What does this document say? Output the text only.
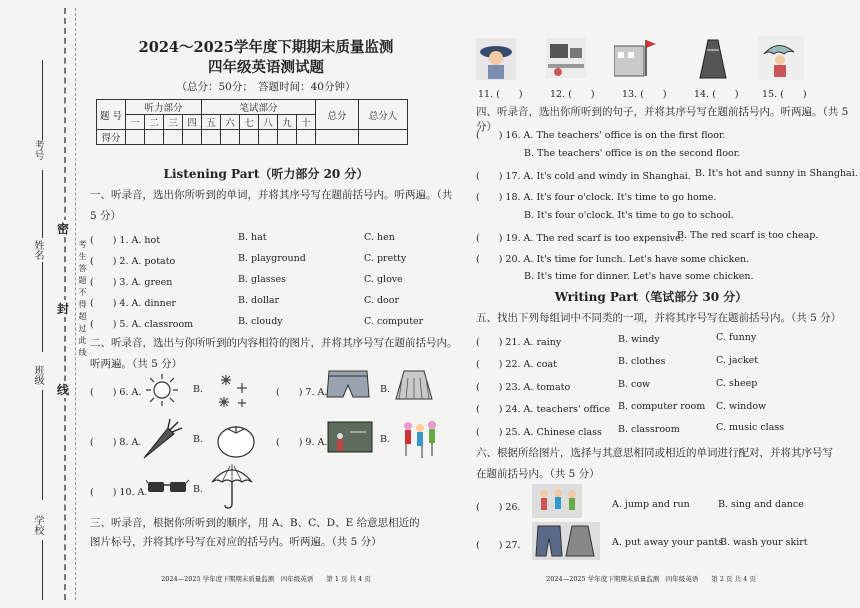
考号
姓名
班级
学校
密
封
线
考生答题不得超过此线
2024～2025学年度下期期末质量监测
四年级英语测试题
（总分：50分；　答题时间：40分钟）
题 号	听力部分				笔试部分						总分	总分人
	一	二	三	四	五	六	七	八	九	十		
得分												
Listening Part（听力部分 20 分）
一、听录音，选出你所听到的单词，并将其序号写在题前括号内。听两遍。（共
5 分）
(　　) 1. A. hot	B. hat	C. hen
(　　) 2. A. potato	B. playground	C. pretty
(　　) 3. A. green	B. glasses	C. glove
(　　) 4. A. dinner	B. dollar	C. door
(　　) 5. A. classroom	B. cloudy	C. computer
二、听录音，选出与你所听到的内容相符的图片，并将其序号写在题前括号内。
听两遍。（共 5 分）
(　　) 6. A.	B.	(　　) 7. A.	B.
(　　) 8. A.	B.	(　　) 9. A.	B.
(　　) 10. A.	B.
三、听录音，根据你所听到的顺序，用 A、B、C、D、E 给意思相近的
图片标号，并将其序号写在对应的括号内。听两遍。（共 5 分）
2024—2025 学年度下期期末质量监测　四年级英语　　第 1 页 共 4 页
11. (　　)	12. (　　)	13. (　　)	14. (　　) 15. (　　)
四、听录音，选出你所听到的句子，并将其序号写在题前括号内。听两遍。（共 5 分）
(　　) 16. A. The teachers' office is on the first floor.
B. The teachers' office is on the second floor.
(　　) 17. A. It's cold and windy in Shanghai. B. It's hot and sunny in Shanghai.
(　　) 18. A. It's four o'clock. It's time to go home.
B. It's four o'clock. It's time to go to school.
(　　) 19. A. The red scarf is too expensive.
B. The red scarf is too cheap.
(　　) 20. A. It's time for lunch. Let's have some chicken.
B. It's time for dinner. Let's have some chicken.
Writing Part（笔试部分 30 分）
五、找出下列每组词中不同类的一项，并将其序号写在题前括号内。（共 5 分）
(　　) 21. A. rainy	B. windy	C. funny
(　　) 22. A. coat	B. clothes	C. jacket
(　　) 23. A. tomato	B. cow	C. sheep
(　　) 24. A. teachers' office B. computer room C. window
(　　) 25. A. Chinese class B. classroom	C. music class
六、根据所给图片，选择与其意思相同或相近的单词进行配对，并将其序号写
在题前括号内。（共 5 分）
(　　) 26.	A. jump and run	B. sing and dance
(　　) 27.	A. put away your pants
B. wash your skirt
2024—2025 学年度下期期末质量监测　四年级英语　　第 2 页 共 4 页
